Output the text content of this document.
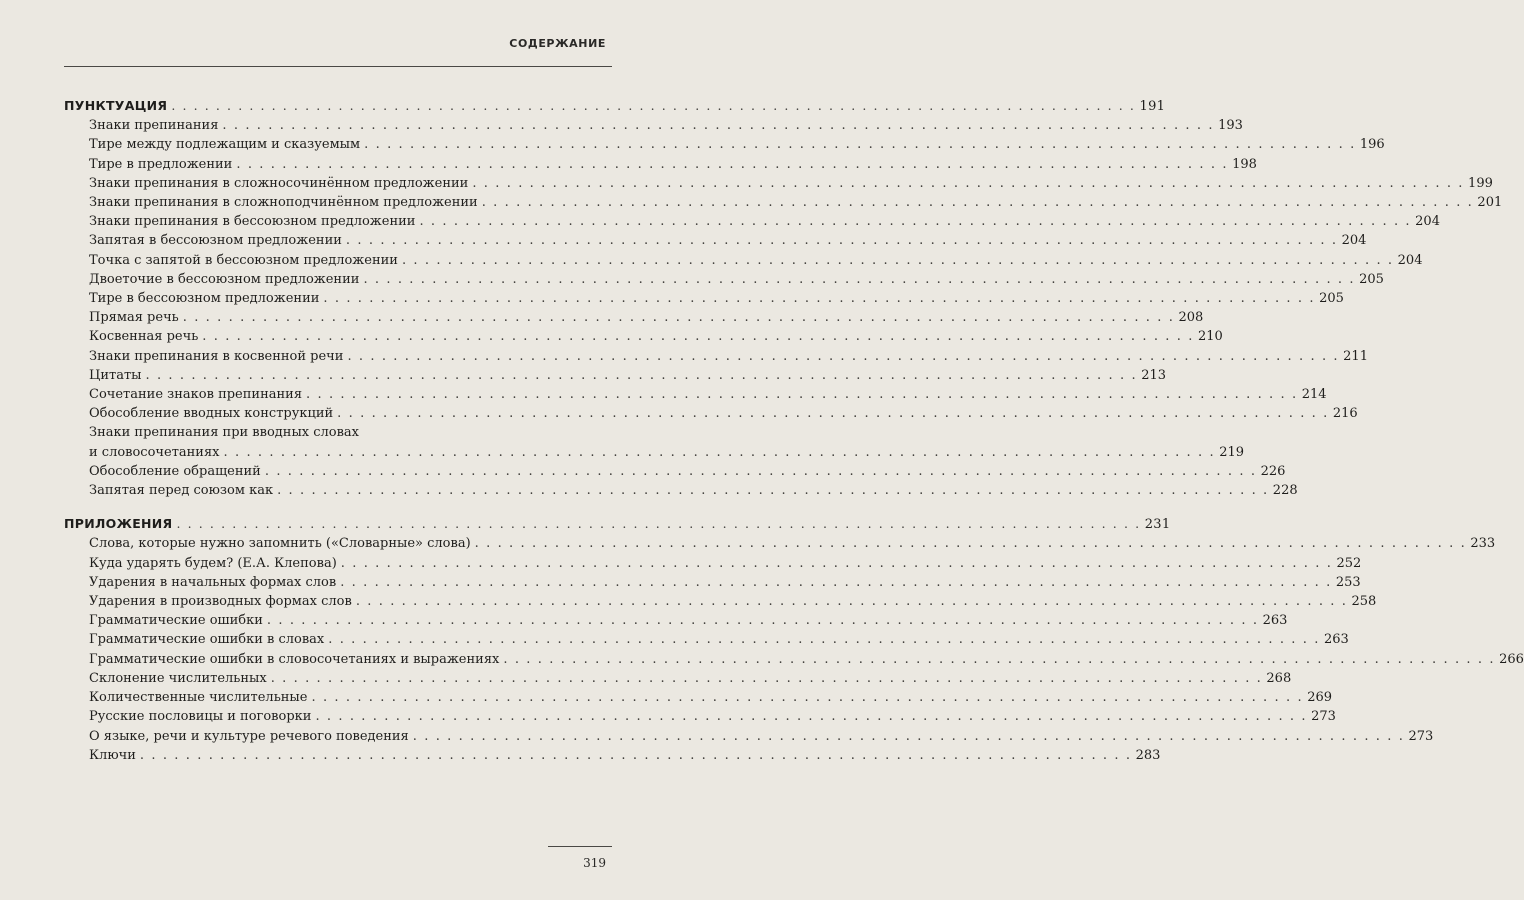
СОДЕРЖАНИЕ
ПУНКТУАЦИЯ . . .	191
Знаки препинания . . .	193
Тире между подлежащим и сказуемым . . .	196
Тире в предложении . . .	198
Знаки препинания в сложносочинённом предложении . . .	199
Знаки препинания в сложноподчинённом предложении . . .	201
Знаки препинания в бессоюзном предложении . . .	204
Запятая в бессоюзном предложении . . .	204
Точка с запятой в бессоюзном предложении . . .	204
Двоеточие в бессоюзном предложении . . .	205
Тире в бессоюзном предложении . . .	205
Прямая речь . . .	208
Косвенная речь . . .	210
Знаки препинания в косвенной речи . . .	211
Цитаты . . .	213
Сочетание знаков препинания . . .	214
Обособление вводных конструкций . . .	216
Знаки препинания при вводных словах
и словосочетаниях . . .	219
Обособление обращений . . .	226
Запятая перед союзом как . . .	228
ПРИЛОЖЕНИЯ . . .	231
Слова, которые нужно запомнить («Словарные» слова) . . .	233
Куда ударять будем? (Е.А. Клепова) . . .	252
Ударения в начальных формах слов . . .	253
Ударения в производных формах слов . . .	258
Грамматические ошибки . . .	263
Грамматические ошибки в словах . . .	263
Грамматические ошибки в словосочетаниях и выражениях . . .	266
Склонение числительных . . .	268
Количественные числительные . . .	269
Русские пословицы и поговорки . . .	273
О языке, речи и культуре речевого поведения . . .	273
Ключи . . .	283
319
